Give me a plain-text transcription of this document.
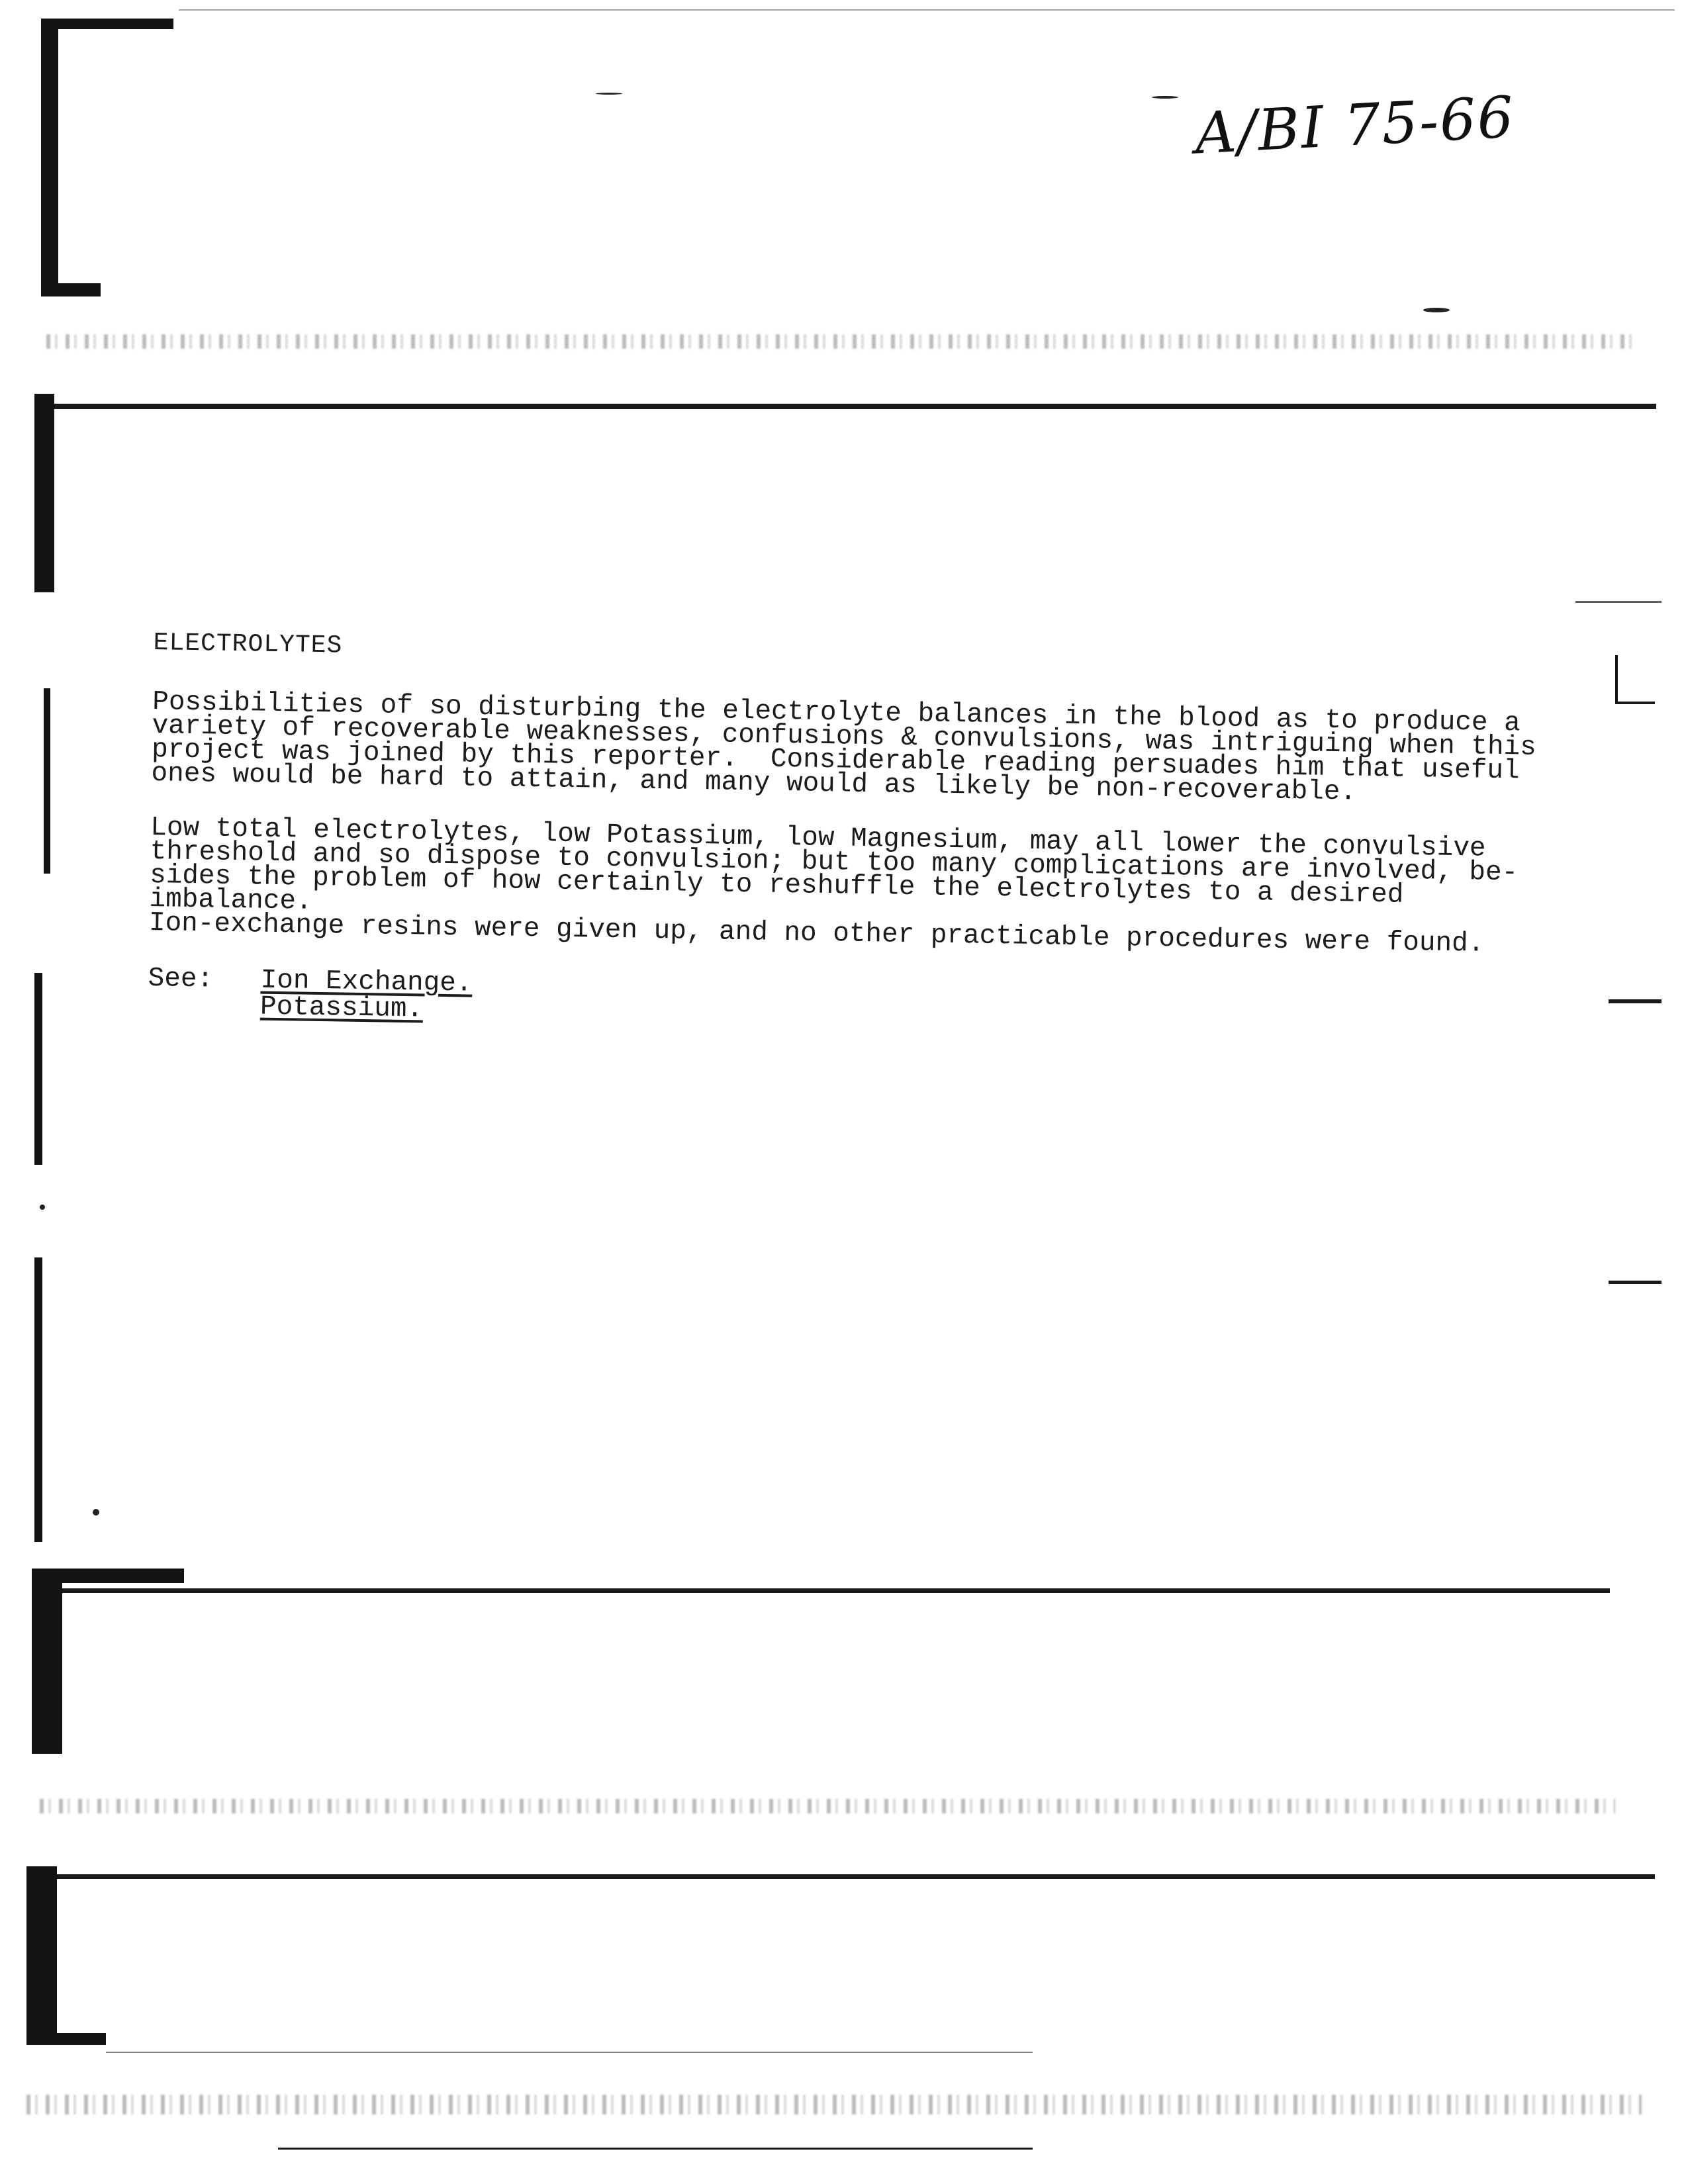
A/BI 75-66
ELECTROLYTES
Possibilities of so disturbing the electrolyte balances in the blood as to produce a
variety of recoverable weaknesses, confusions & convulsions, was intriguing when this
project was joined by this reporter.  Considerable reading persuades him that useful
ones would be hard to attain, and many would as likely be non-recoverable.
Low total electrolytes, low Potassium, low Magnesium, may all lower the convulsive
threshold and so dispose to convulsion; but too many complications are involved, be-
sides the problem of how certainly to reshuffle the electrolytes to a desired imbalance.
Ion-exchange resins were given up, and no other practicable procedures were found.
See:	Ion Exchange.
Potassium.
